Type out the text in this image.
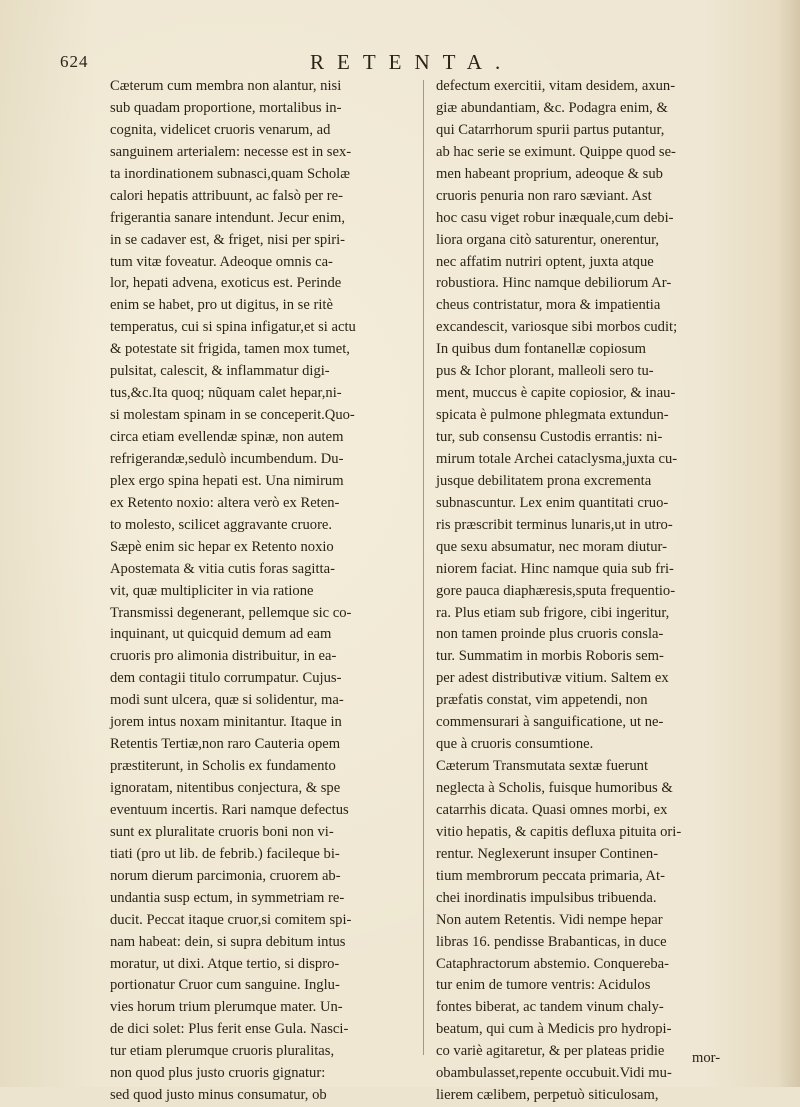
624	RETENTA.
Cæterum cum membra non alantur, nisi
sub quadam proportione, mortalibus in-
cognita, videlicet cruoris venarum, ad
sanguinem arterialem: necesse est in sex-
ta inordinationem subnasci,quam Scholæ
calori hepatis attribuunt, ac falsò per re-
frigerantia sanare intendunt. Jecur enim,
in se cadaver est, & friget, nisi per spiri-
tum vitæ foveatur. Adeoque omnis ca-
lor, hepati advena, exoticus est. Perinde
enim se habet, pro ut digitus, in se ritè
temperatus, cui si spina infigatur,et si actu
& potestate sit frigida, tamen mox tumet,
pulsitat, calescit, & inflammatur digi-
tus,&c.Ita quoq; nũquam calet hepar,ni-
si molestam spinam in se conceperit.Quo-
circa etiam evellendæ spinæ, non autem
refrigerandæ,sedulò incumbendum. Du-
plex ergo spina hepati est. Una nimirum
ex Retento noxio: altera verò ex Reten-
to molesto, scilicet aggravante cruore.
Sæpè enim sic hepar ex Retento noxio
Apostemata & vitia cutis foras sagitta-
vit, quæ multipliciter in via ratione
Transmissi degenerant, pellemque sic co-
inquinant, ut quicquid demum ad eam
cruoris pro alimonia distribuitur, in ea-
dem contagii titulo corrumpatur. Cujus-
modi sunt ulcera, quæ si solidentur, ma-
jorem intus noxam minitantur. Itaque in
Retentis Tertiæ,non raro Cauteria opem
præstiterunt, in Scholis ex fundamento
ignoratam, nitentibus conjectura, & spe
eventuum incertis. Rari namque defectus
sunt ex pluralitate cruoris boni non vi-
tiati (pro ut lib. de febrib.) facileque bi-
norum dierum parcimonia, cruorem ab-
undantia susp ectum, in symmetriam re-
ducit. Peccat itaque cruor,si comitem spi-
nam habeat: dein, si supra debitum intus
moratur, ut dixi. Atque tertio, si dispro-
portionatur Cruor cum sanguine. Inglu-
vies horum trium plerumque mater. Un-
de dici solet: Plus ferit ense Gula. Nasci-
tur etiam plerumque cruoris pluralitas,
non quod plus justo cruoris gignatur:
sed quod justo minus consumatur, ob
defectum exercitii, vitam desidem, axun-
giæ abundantiam, &c. Podagra enim, &
qui Catarrhorum spurii partus putantur,
ab hac serie se eximunt. Quippe quod se-
men habeant proprium, adeoque & sub
cruoris penuria non raro sæviant. Ast
hoc casu viget robur inæquale,cum debi-
liora organa citò saturentur, onerentur,
nec affatim nutriri optent, juxta atque
robustiora. Hinc namque debiliorum Ar-
cheus contristatur, mora & impatientia
excandescit, variosque sibi morbos cudit;
In quibus dum fontanellæ copiosum
pus & Ichor plorant, malleoli sero tu-
ment, muccus è capite copiosior, & inau-
spicata è pulmone phlegmata extundun-
tur, sub consensu Custodis errantis: ni-
mirum totale Archei cataclysma,juxta cu-
jusque debilitatem prona excrementa
subnascuntur. Lex enim quantitati cruo-
ris præscribit terminus lunaris,ut in utro-
que sexu absumatur, nec moram diutur-
niorem faciat. Hinc namque quia sub fri-
gore pauca diaphæresis,sputa frequentio-
ra. Plus etiam sub frigore, cibi ingeritur,
non tamen proinde plus cruoris consla-
tur. Summatim in morbis Roboris sem-
per adest distributivæ vitium. Saltem ex
præfatis constat, vim appetendi, non
commensurari à sanguificatione, ut ne-
que à cruoris consumtione.
Cæterum Transmutata sextæ fuerunt
neglecta à Scholis, fuisque humoribus &
catarrhis dicata. Quasi omnes morbi, ex
vitio hepatis, & capitis defluxa pituita ori-
rentur. Neglexerunt insuper Continen-
tium membrorum peccata primaria, At-
chei inordinatis impulsibus tribuenda.
Non autem Retentis. Vidi nempe hepar
libras 16. pendisse Brabanticas, in duce
Cataphractorum abstemio. Conquereba-
tur enim de tumore ventris: Acidulos
fontes biberat, ac tandem vinum chaly-
beatum, qui cum à Medicis pro hydropi-
co variè agitaretur, & per plateas pridie
obambulasset,repente occubuit.Vidi mu-
lierem cælibem, perpetuò siticulosam,
mor-
